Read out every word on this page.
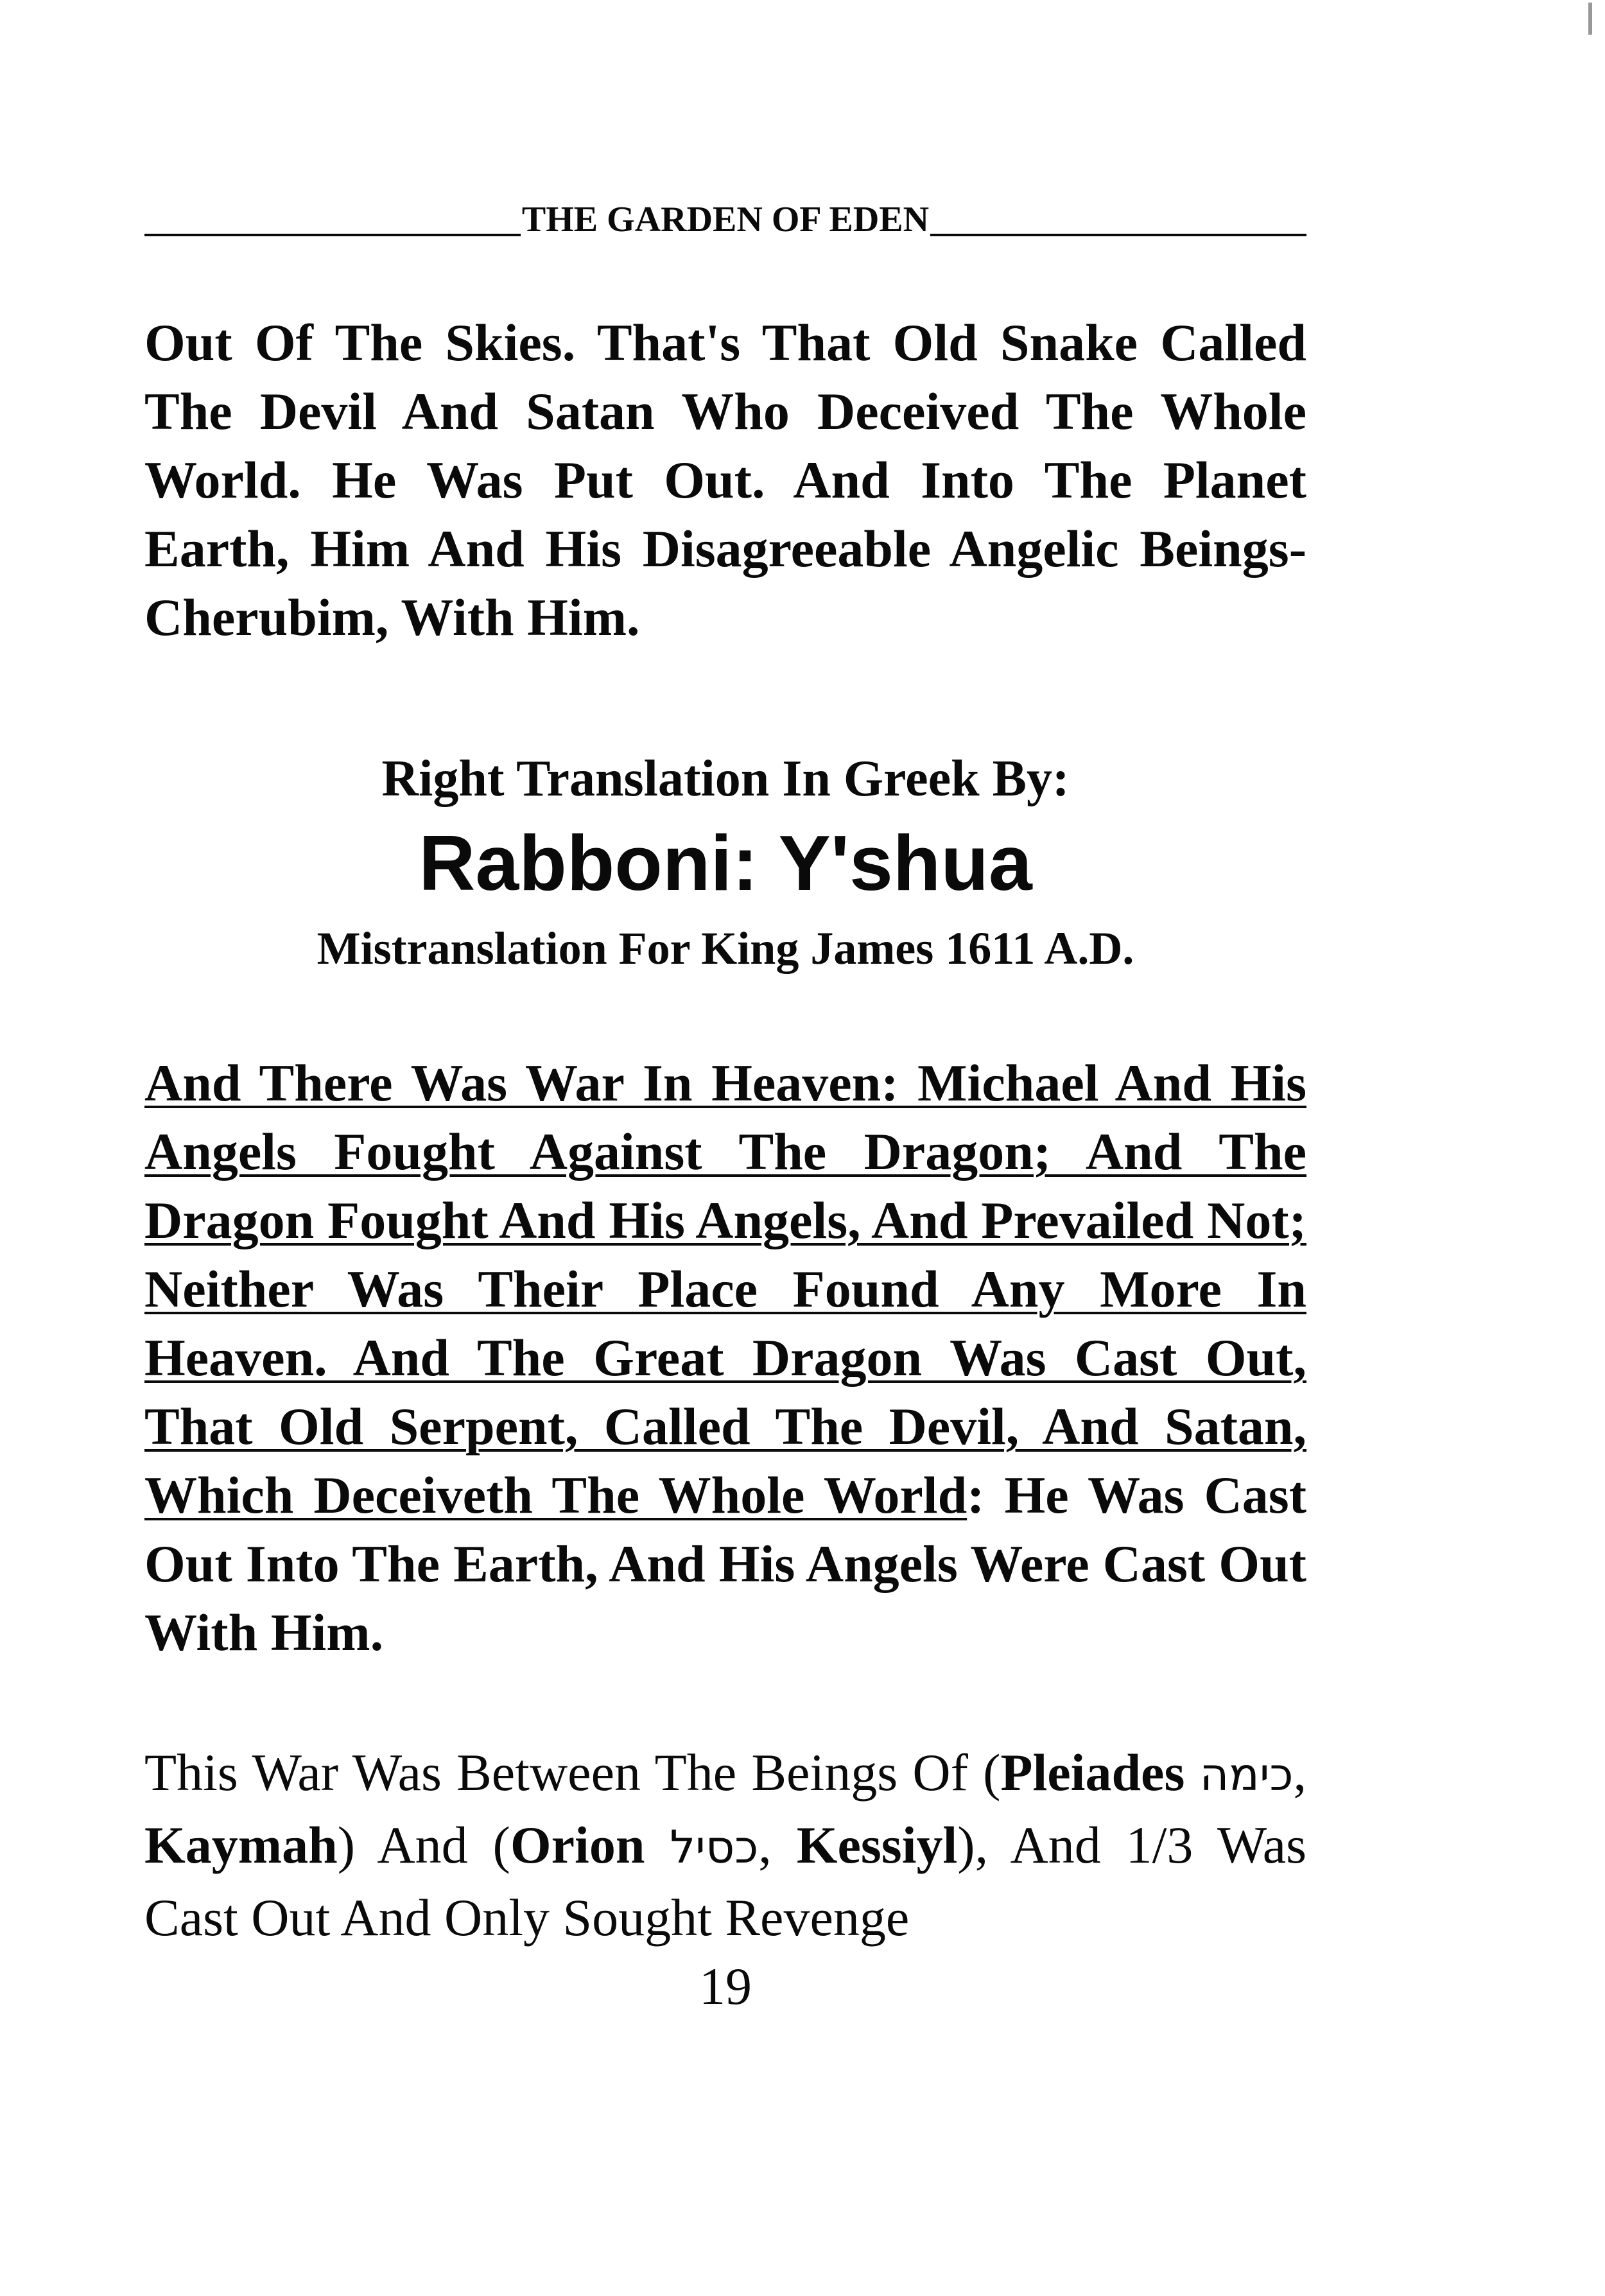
THE GARDEN OF EDEN

Out Of The Skies. That's That Old Snake Called The Devil And Satan Who Deceived The Whole World. He Was Put Out. And Into The Planet Earth, Him And His Disagreeable Angelic Beings-Cherubim, With Him.

Right Translation In Greek By:
Rabboni: Y'shua
Mistranslation For King James 1611 A.D.

And There Was War In Heaven: Michael And His Angels Fought Against The Dragon; And The Dragon Fought And His Angels, And Prevailed Not; Neither Was Their Place Found Any More In Heaven. And The Great Dragon Was Cast Out, That Old Serpent, Called The Devil, And Satan, Which Deceiveth The Whole World: He Was Cast Out Into The Earth, And His Angels Were Cast Out With Him.

This War Was Between The Beings Of (Pleiades כימה, Kaymah) And (Orion כסיל, Kessiyl), And 1/3 Was Cast Out And Only Sought Revenge

19
